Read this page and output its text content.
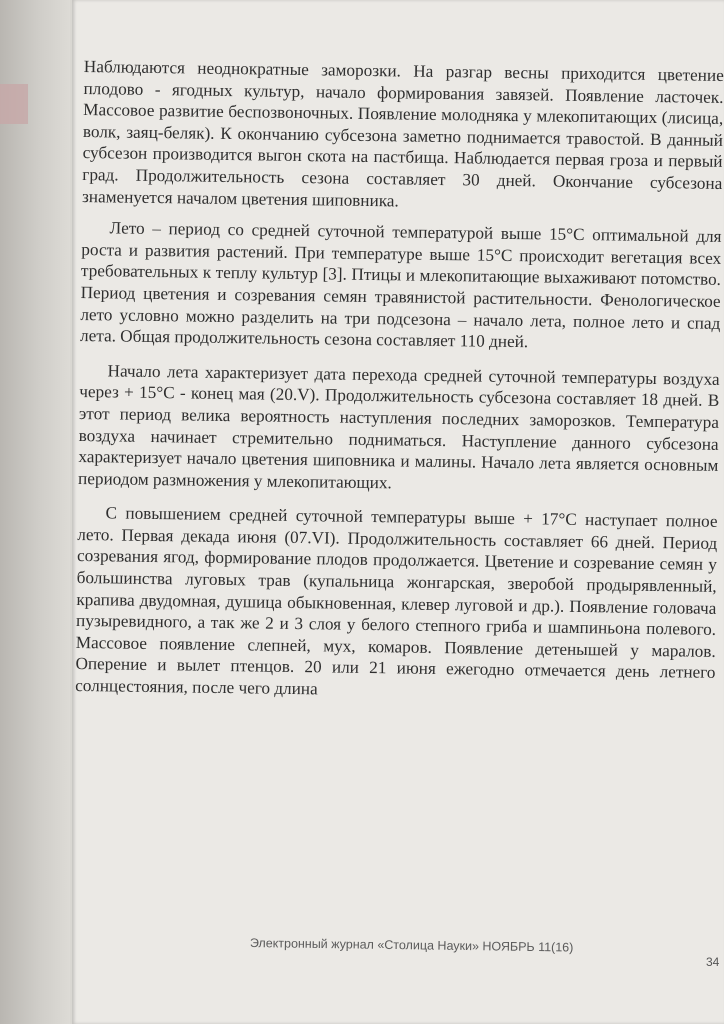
Наблюдаются неоднократные заморозки. На разгар весны приходится цветение плодово - ягодных культур, начало формирования завязей. Появление ласточек. Массовое развитие беспозвоночных. Появление молодняка у млекопитающих (лисица, волк, заяц-беляк). К окончанию субсезона заметно поднимается травостой. В данный субсезон производится выгон скота на пастбища. Наблюдается первая гроза и первый град. Продолжительность сезона составляет 30 дней. Окончание субсезона знаменуется началом цветения шиповника.

Лето – период со средней суточной температурой выше 15°С оптимальной для роста и развития растений. При температуре выше 15°С происходит вегетация всех требовательных к теплу культур [3]. Птицы и млекопитающие выхаживают потомство. Период цветения и созревания семян травянистой растительности. Фенологическое лето условно можно разделить на три подсезона – начало лета, полное лето и спад лета. Общая продолжительность сезона составляет 110 дней.

Начало лета характеризует дата перехода средней суточной температуры воздуха через + 15°С - конец мая (20.V). Продолжительность субсезона составляет 18 дней. В этот период велика вероятность наступления последних заморозков. Температура воздуха начинает стремительно подниматься. Наступление данного субсезона характеризует начало цветения шиповника и малины. Начало лета является основным периодом размножения у млекопитающих.

С повышением средней суточной температуры выше + 17°С наступает полное лето. Первая декада июня (07.VI). Продолжительность составляет 66 дней. Период созревания ягод, формирование плодов продолжается. Цветение и созревание семян у большинства луговых трав (купальница жонгарская, зверобой продырявленный, крапива двудомная, душица обыкновенная, клевер луговой и др.). Появление головача пузыревидного, а так же 2 и 3 слоя у белого степного гриба и шампиньона полевого. Массовое появление слепней, мух, комаров. Появление детенышей у маралов. Оперение и вылет птенцов. 20 или 21 июня ежегодно отмечается день летнего солнцестояния, после чего длина

Электронный журнал «Столица Науки» НОЯБРЬ 11(16)
34
